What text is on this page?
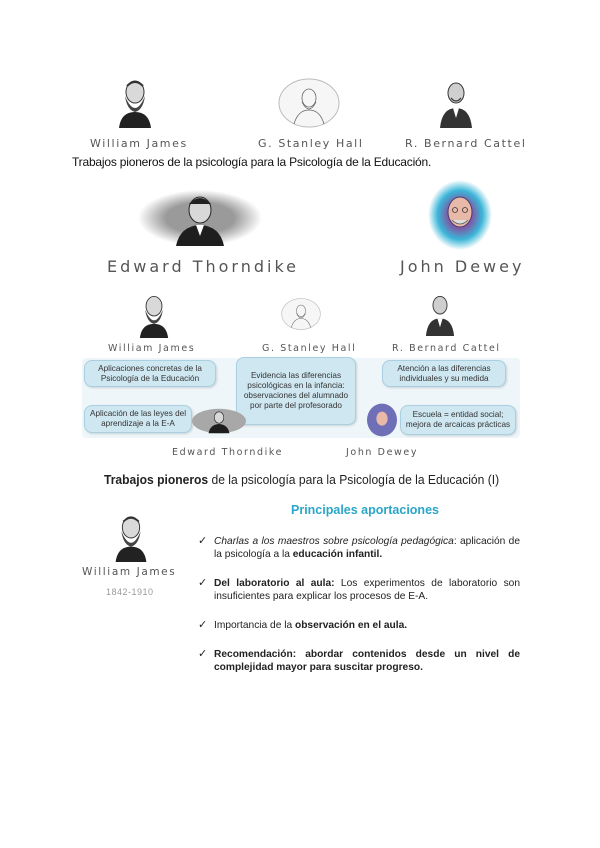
William James	G. Stanley Hall	R. Bernard Cattel
Trabajos pioneros de la psicología para la Psicología de la Educación.
Edward Thorndike	John Dewey
William James	G. Stanley Hall	R. Bernard Cattel
Aplicaciones concretas de la Psicología de la Educación	Evidencia las diferencias psicológicas en la infancia: observaciones del alumnado por parte del profesorado
Atención a las diferencias individuales y su medida
Aplicación de las leyes del aprendizaje a la E-A
Escuela = entidad social; mejora de arcaicas prácticas
Edward Thorndike	John Dewey
Trabajos pioneros de la psicología para la Psicología de la Educación (I)
Principales aportaciones
William James
1842-1910
✓ Charlas a los maestros sobre psicología pedagógica: aplicación de la psicología a la educación infantil.
✓ Del laboratorio al aula: Los experimentos de laboratorio son insuficientes para explicar los procesos de E-A.
✓ Importancia de la observación en el aula.
✓ Recomendación: abordar contenidos desde un nivel de complejidad mayor para suscitar progreso.
